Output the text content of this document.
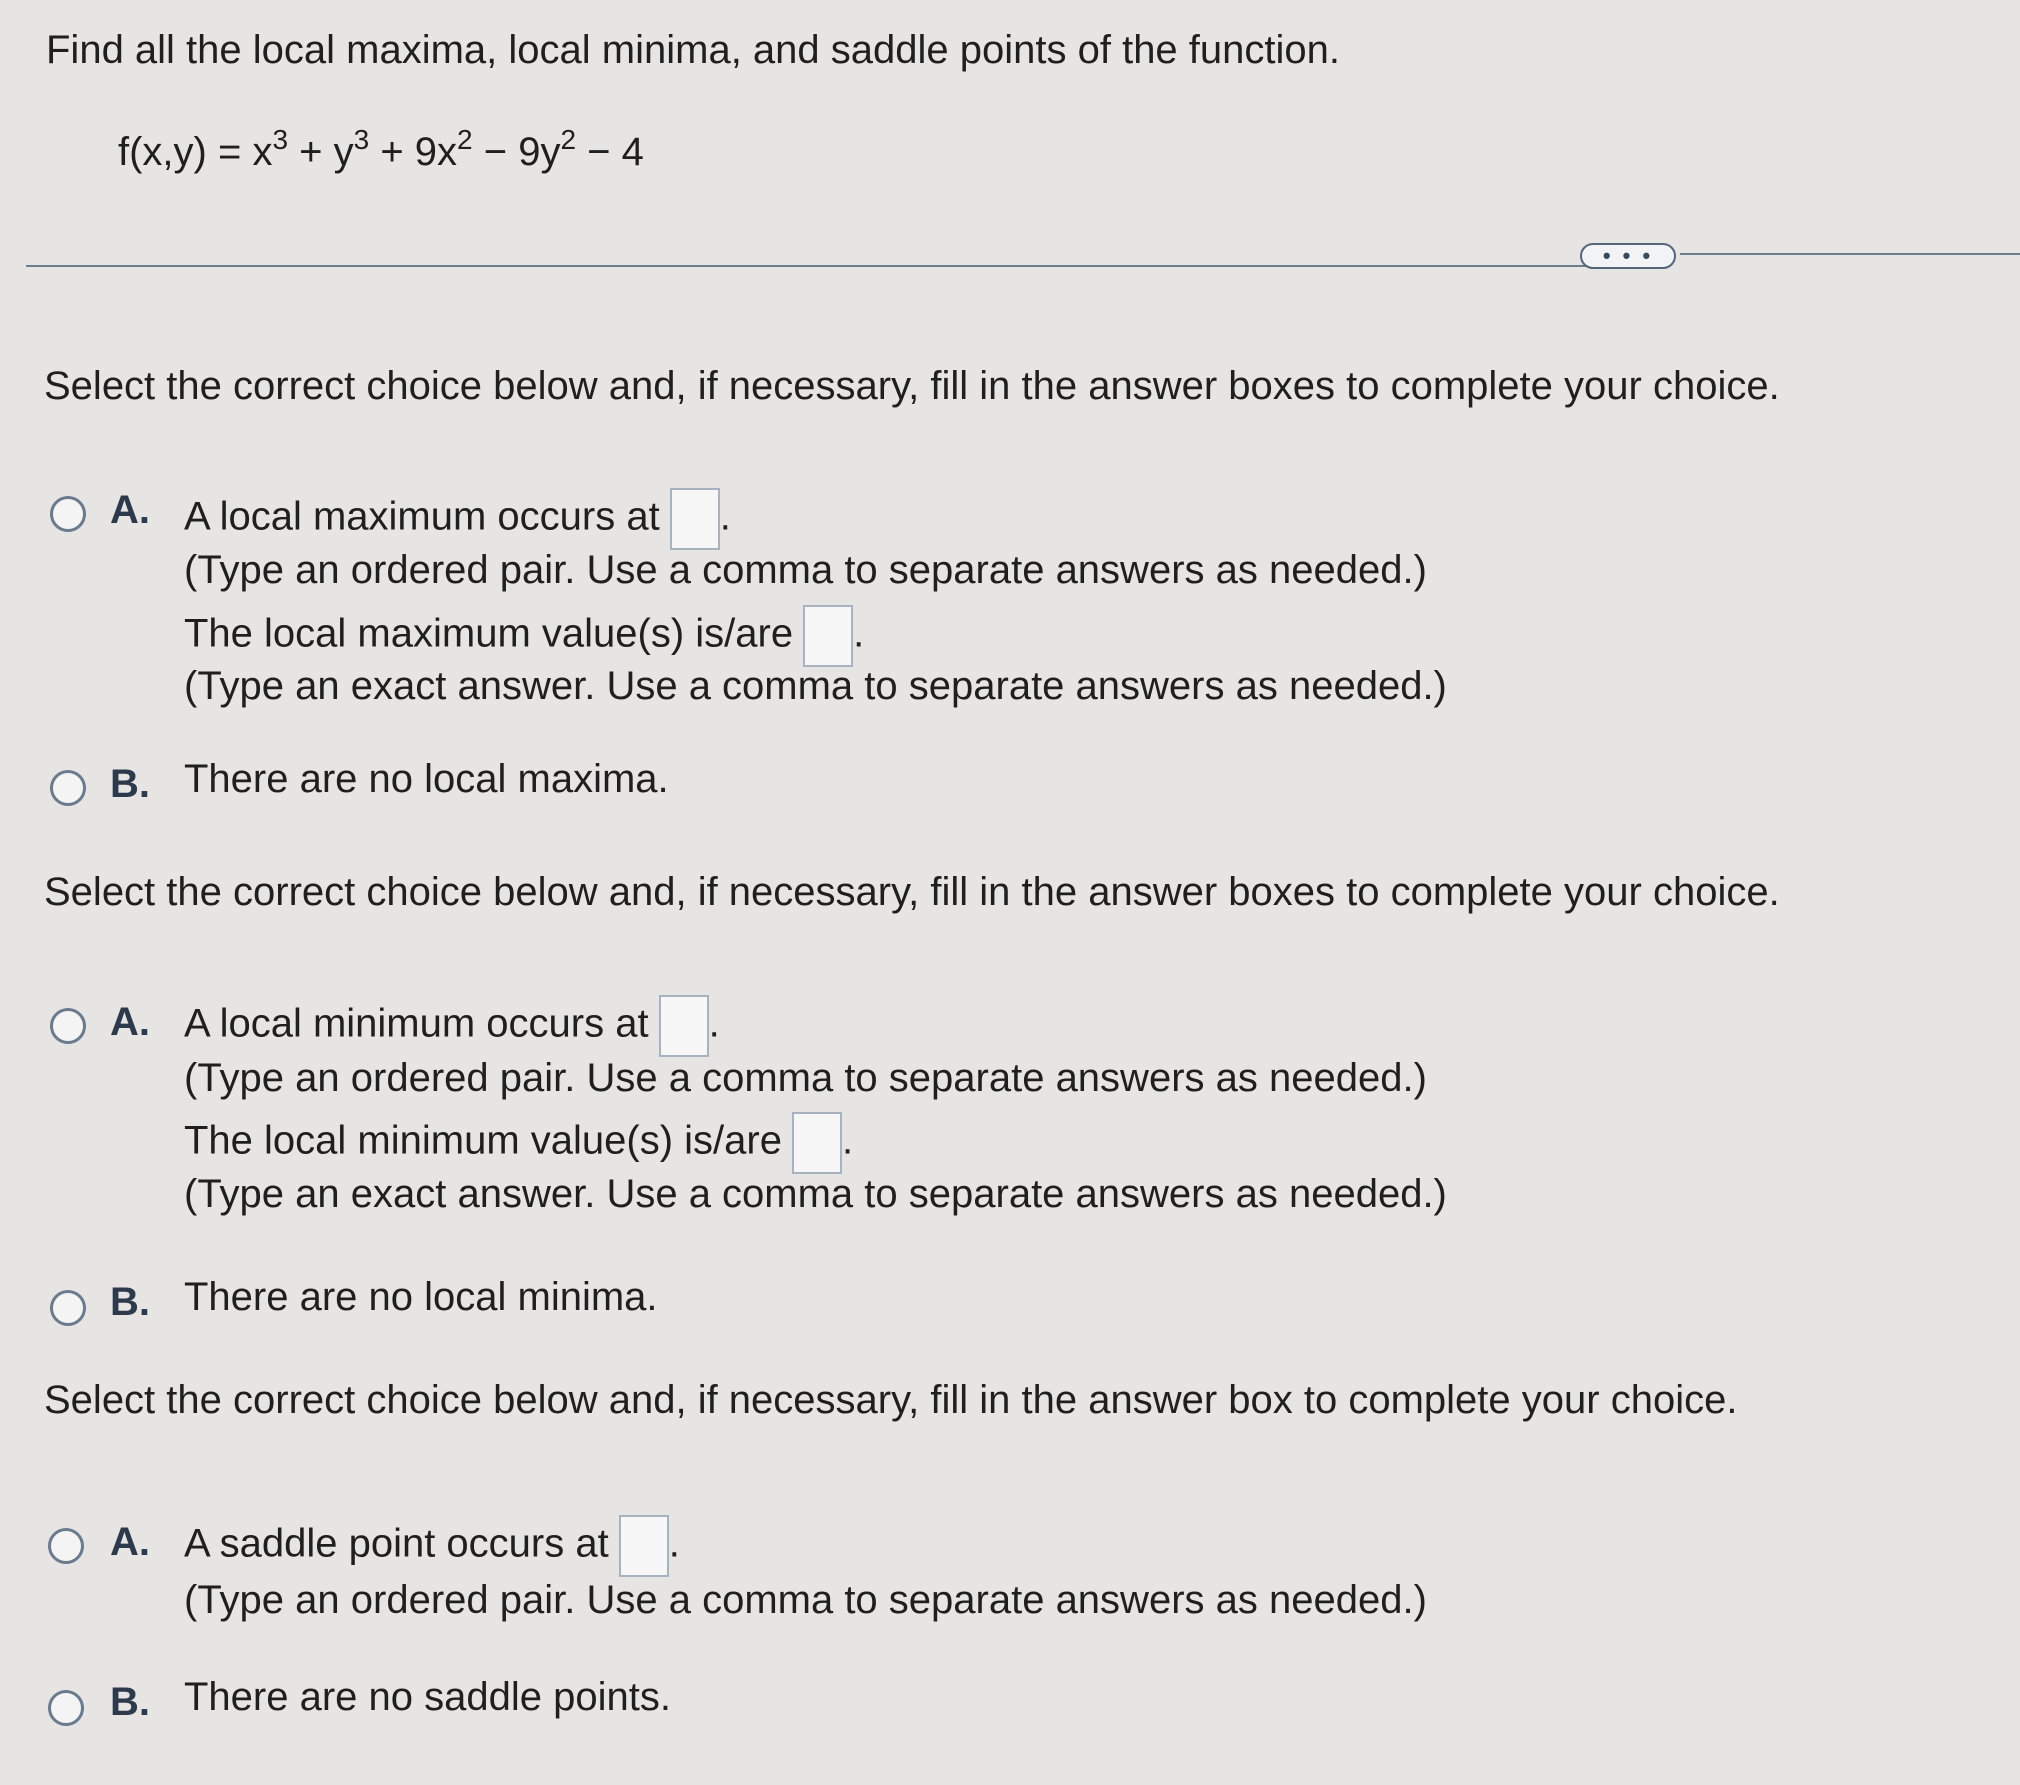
Find all the local maxima, local minima, and saddle points of the function.
$f(x,y) = x^3 + y^3 + 9x^2 - 9y^2 - 4$
• • •
Select the correct choice below and, if necessary, fill in the answer boxes to complete your choice.
A. A local maximum occurs at .
(Type an ordered pair. Use a comma to separate answers as needed.)
The local maximum value(s) is/are .
(Type an exact answer. Use a comma to separate answers as needed.)
B. There are no local maxima.
Select the correct choice below and, if necessary, fill in the answer boxes to complete your choice.
A. A local minimum occurs at .
(Type an ordered pair. Use a comma to separate answers as needed.)
The local minimum value(s) is/are .
(Type an exact answer. Use a comma to separate answers as needed.)
B. There are no local minima.
Select the correct choice below and, if necessary, fill in the answer box to complete your choice.
A. A saddle point occurs at .
(Type an ordered pair. Use a comma to separate answers as needed.)
B. There are no saddle points.
